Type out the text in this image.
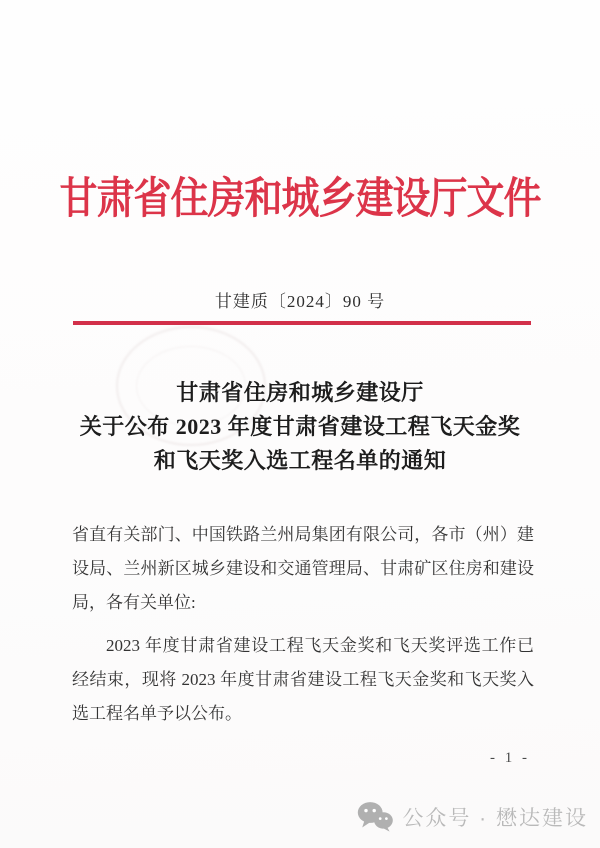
甘肃省住房和城乡建设厅文件
甘建质〔2024〕90 号
甘肃省住房和城乡建设厅
关于公布 2023 年度甘肃省建设工程飞天金奖
和飞天奖入选工程名单的通知

省直有关部门、中国铁路兰州局集团有限公司，各市（州）建设局、兰州新区城乡建设和交通管理局、甘肃矿区住房和建设局，各有关单位:

2023 年度甘肃省建设工程飞天金奖和飞天奖评选工作已经结束，现将 2023 年度甘肃省建设工程飞天金奖和飞天奖入选工程名单予以公布。

- 1 -
公众号 · 懋达建设
